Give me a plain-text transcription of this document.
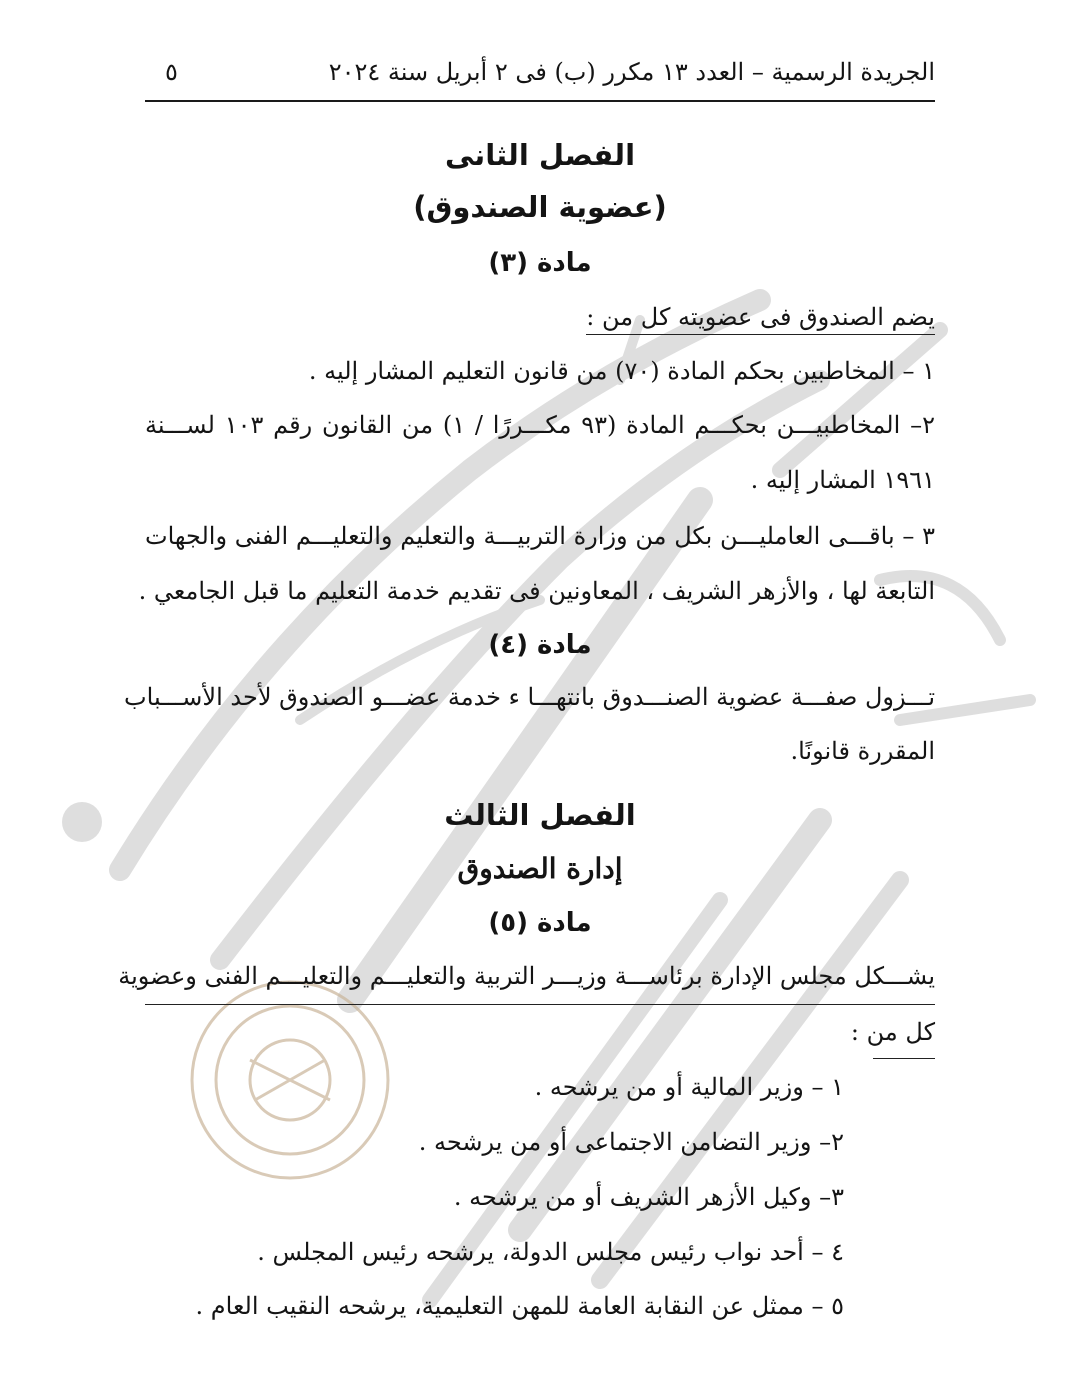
الجريدة الرسمية – العدد ١٣ مكرر (ب) فى ٢ أبريل سنة ٢٠٢٤
٥
الفصل الثانى
(عضوية الصندوق)
مادة (٣)
يضم الصندوق فى عضويته كل من :
١ – المخاطبين بحكم المادة (٧٠) من قانون التعليم المشار إليه .
٢– المخاطبيـــن بحكـــم المادة (٩٣ مكـــررًا / ١) من القانون رقم ١٠٣ لســـنة
١٩٦١ المشار إليه .
٣ – باقـــى العامليـــن بكل من وزارة التربيـــة والتعليم والتعليـــم الفنى والجهات
التابعة لها ، والأزهر الشريف ، المعاونين فى تقديم خدمة التعليم ما قبل الجامعي .
مادة (٤)
تـــزول صفـــة عضوية الصنـــدوق بانتهـــا ء خدمة عضـــو الصندوق لأحد الأســـباب
المقررة قانونًا.
الفصل الثالث
إدارة الصندوق
مادة (٥)
يشـــكل مجلس الإدارة برئاســـة وزيـــر التربية والتعليـــم والتعليـــم الفنى وعضوية
كل من :
١ – وزير المالية أو من يرشحه .
٢– وزير التضامن الاجتماعى أو من يرشحه .
٣– وكيل الأزهر الشريف أو من يرشحه .
٤ – أحد نواب رئيس مجلس الدولة، يرشحه رئيس المجلس .
٥ – ممثل عن النقابة العامة للمهن التعليمية، يرشحه النقيب العام .
